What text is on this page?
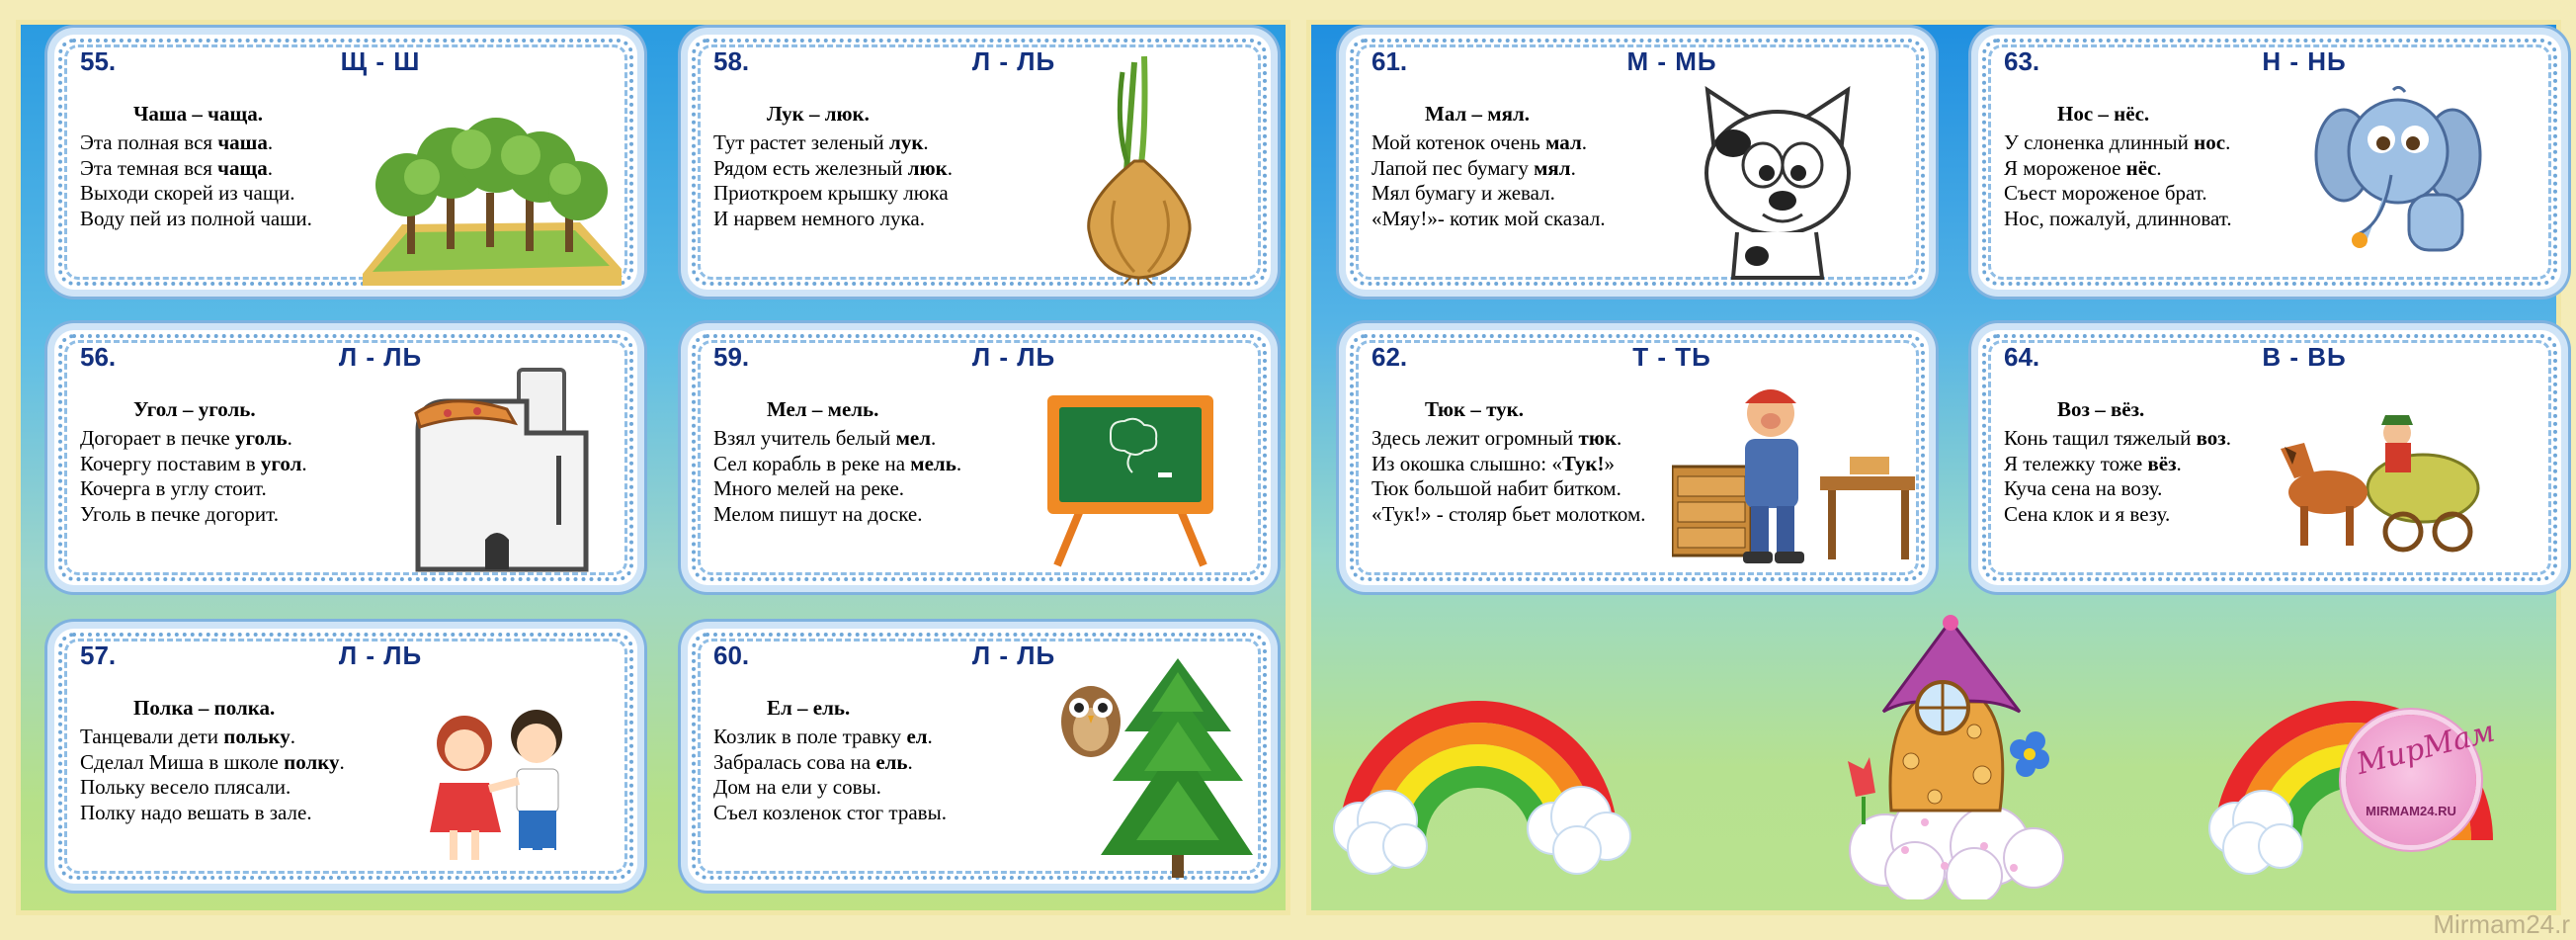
55.	Щ - Ш
Чаша – чаща.
Эта полная вся чаша.
Эта темная вся чаща.
Выходи скорей из чащи.
Воду пей из полной чаши.
56.	Л - ЛЬ
Угол – уголь.
Догорает в печке уголь.
Кочергу поставим в угол.
Кочерга в углу стоит.
Уголь в печке догорит.
57.	Л - ЛЬ
Полка – полка.
Танцевали дети польку.
Сделал Миша в школе полку.
Польку весело плясали.
Полку надо вешать в зале.
58.	Л - ЛЬ
Лук – люк.
Тут растет зеленый лук.
Рядом есть железный люк.
Приоткроем крышку люка
И нарвем немного лука.
59.	Л - ЛЬ
Мел – мель.
Взял учитель белый мел.
Сел корабль в реке на мель.
Много мелей на реке.
Мелом пишут на доске.
60.	Л - ЛЬ
Ел – ель.
Козлик в поле травку ел.
Забралась сова на ель.
Дом на ели у совы.
Съел козленок стог травы.
61.	М - МЬ
Мал – мял.
Мой котенок очень мал.
Лапой пес бумагу мял.
Мял бумагу и жевал.
«Мяу!»- котик мой сказал.
62.	Т - ТЬ
Тюк – тук.
Здесь лежит огромный тюк.
Из окошка слышно: «Тук!»
Тюк большой набит битком.
«Тук!» - столяр бьет молотком.
63.	Н - НЬ
Нос – нёс.
У слоненка длинный нос.
Я мороженое нёс.
Съест мороженое брат.
Нос, пожалуй, длинноват.
64.	В - ВЬ
Воз – вёз.
Конь тащил тяжелый воз.
Я тележку тоже вёз.
Куча сена на возу.
Сена клок и я везу.
МирМам
MIRMAM24.RU
Mirmam24.r
